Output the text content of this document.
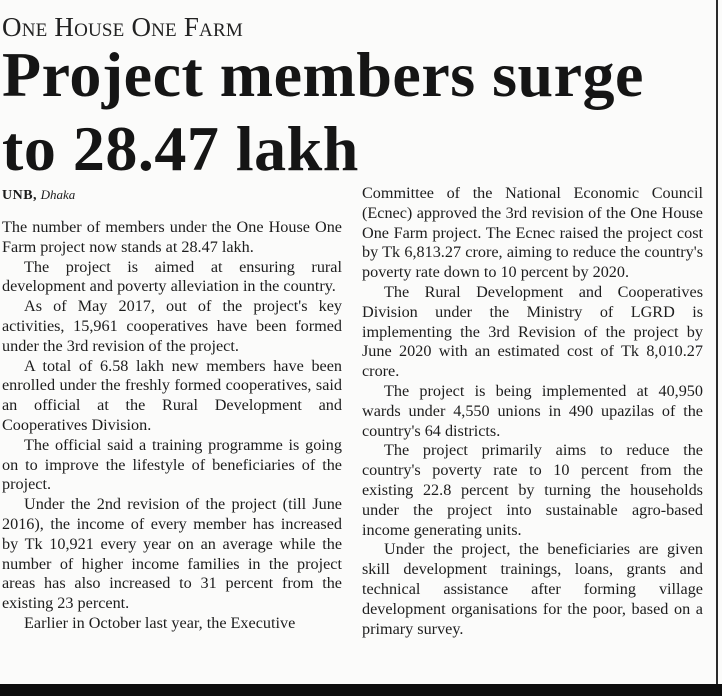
One House One Farm
Project members surge to 28.47 lakh
UNB, Dhaka

The number of members under the One House One Farm project now stands at 28.47 lakh.

The project is aimed at ensuring rural development and poverty alleviation in the country.

As of May 2017, out of the project's key activities, 15,961 cooperatives have been formed under the 3rd revision of the project.

A total of 6.58 lakh new members have been enrolled under the freshly formed cooperatives, said an official at the Rural Development and Cooperatives Division.

The official said a training programme is going on to improve the lifestyle of beneficiaries of the project.

Under the 2nd revision of the project (till June 2016), the income of every member has increased by Tk 10,921 every year on an average while the number of higher income families in the project areas has also increased to 31 percent from the existing 23 percent.

Earlier in October last year, the Executive

Committee of the National Economic Council (Ecnec) approved the 3rd revision of the One House One Farm project. The Ecnec raised the project cost by Tk 6,813.27 crore, aiming to reduce the country's poverty rate down to 10 percent by 2020.

The Rural Development and Cooperatives Division under the Ministry of LGRD is implementing the 3rd Revision of the project by June 2020 with an estimated cost of Tk 8,010.27 crore.

The project is being implemented at 40,950 wards under 4,550 unions in 490 upazilas of the country's 64 districts.

The project primarily aims to reduce the country's poverty rate to 10 percent from the existing 22.8 percent by turning the households under the project into sustainable agro-based income generating units.

Under the project, the beneficiaries are given skill development trainings, loans, grants and technical assistance after forming village development organisations for the poor, based on a primary survey.
